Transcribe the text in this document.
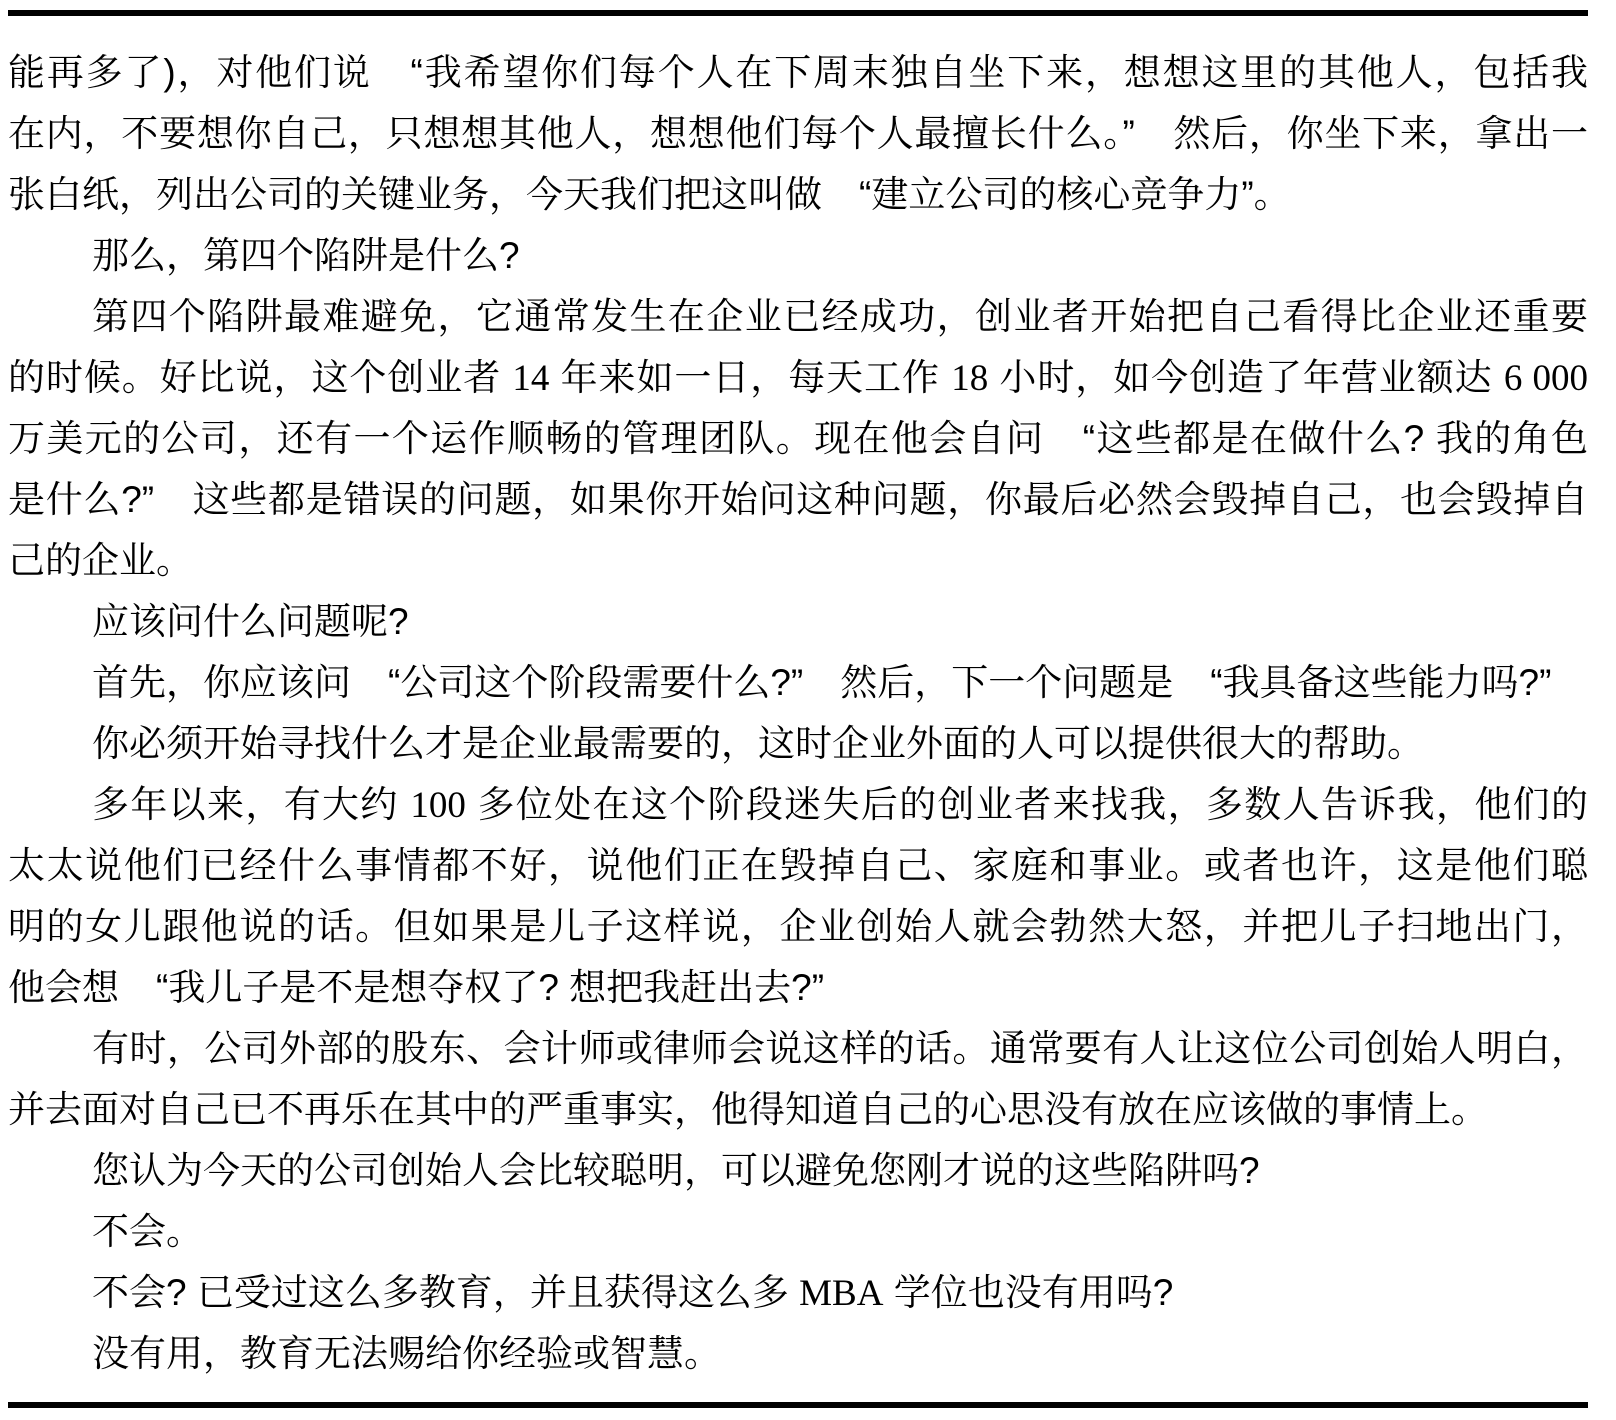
能再多了)，对他们说　“我希望你们每个人在下周末独自坐下来，想想这里的其他人，包括我
在内，不要想你自己，只想想其他人，想想他们每个人最擅长什么。”　然后，你坐下来，拿出一
张白纸，列出公司的关键业务，今天我们把这叫做　“建立公司的核心竞争力”。
那么，第四个陷阱是什么?
第四个陷阱最难避免，它通常发生在企业已经成功，创业者开始把自己看得比企业还重要
的时候。好比说，这个创业者 14 年来如一日，每天工作 18 小时，如今创造了年营业额达 6 000
万美元的公司，还有一个运作顺畅的管理团队。现在他会自问　“这些都是在做什么? 我的角色
是什么?”　这些都是错误的问题，如果你开始问这种问题，你最后必然会毁掉自己，也会毁掉自
己的企业。
应该问什么问题呢?
首先，你应该问　“公司这个阶段需要什么?”　然后，下一个问题是　“我具备这些能力吗?”
你必须开始寻找什么才是企业最需要的，这时企业外面的人可以提供很大的帮助。
多年以来，有大约 100 多位处在这个阶段迷失后的创业者来找我，多数人告诉我，他们的
太太说他们已经什么事情都不好，说他们正在毁掉自己、家庭和事业。或者也许，这是他们聪
明的女儿跟他说的话。但如果是儿子这样说，企业创始人就会勃然大怒，并把儿子扫地出门，
他会想　“我儿子是不是想夺权了? 想把我赶出去?”
有时，公司外部的股东、会计师或律师会说这样的话。通常要有人让这位公司创始人明白，
并去面对自己已不再乐在其中的严重事实，他得知道自己的心思没有放在应该做的事情上。
您认为今天的公司创始人会比较聪明，可以避免您刚才说的这些陷阱吗?
不会。
不会? 已受过这么多教育，并且获得这么多 MBA 学位也没有用吗?
没有用，教育无法赐给你经验或智慧。
